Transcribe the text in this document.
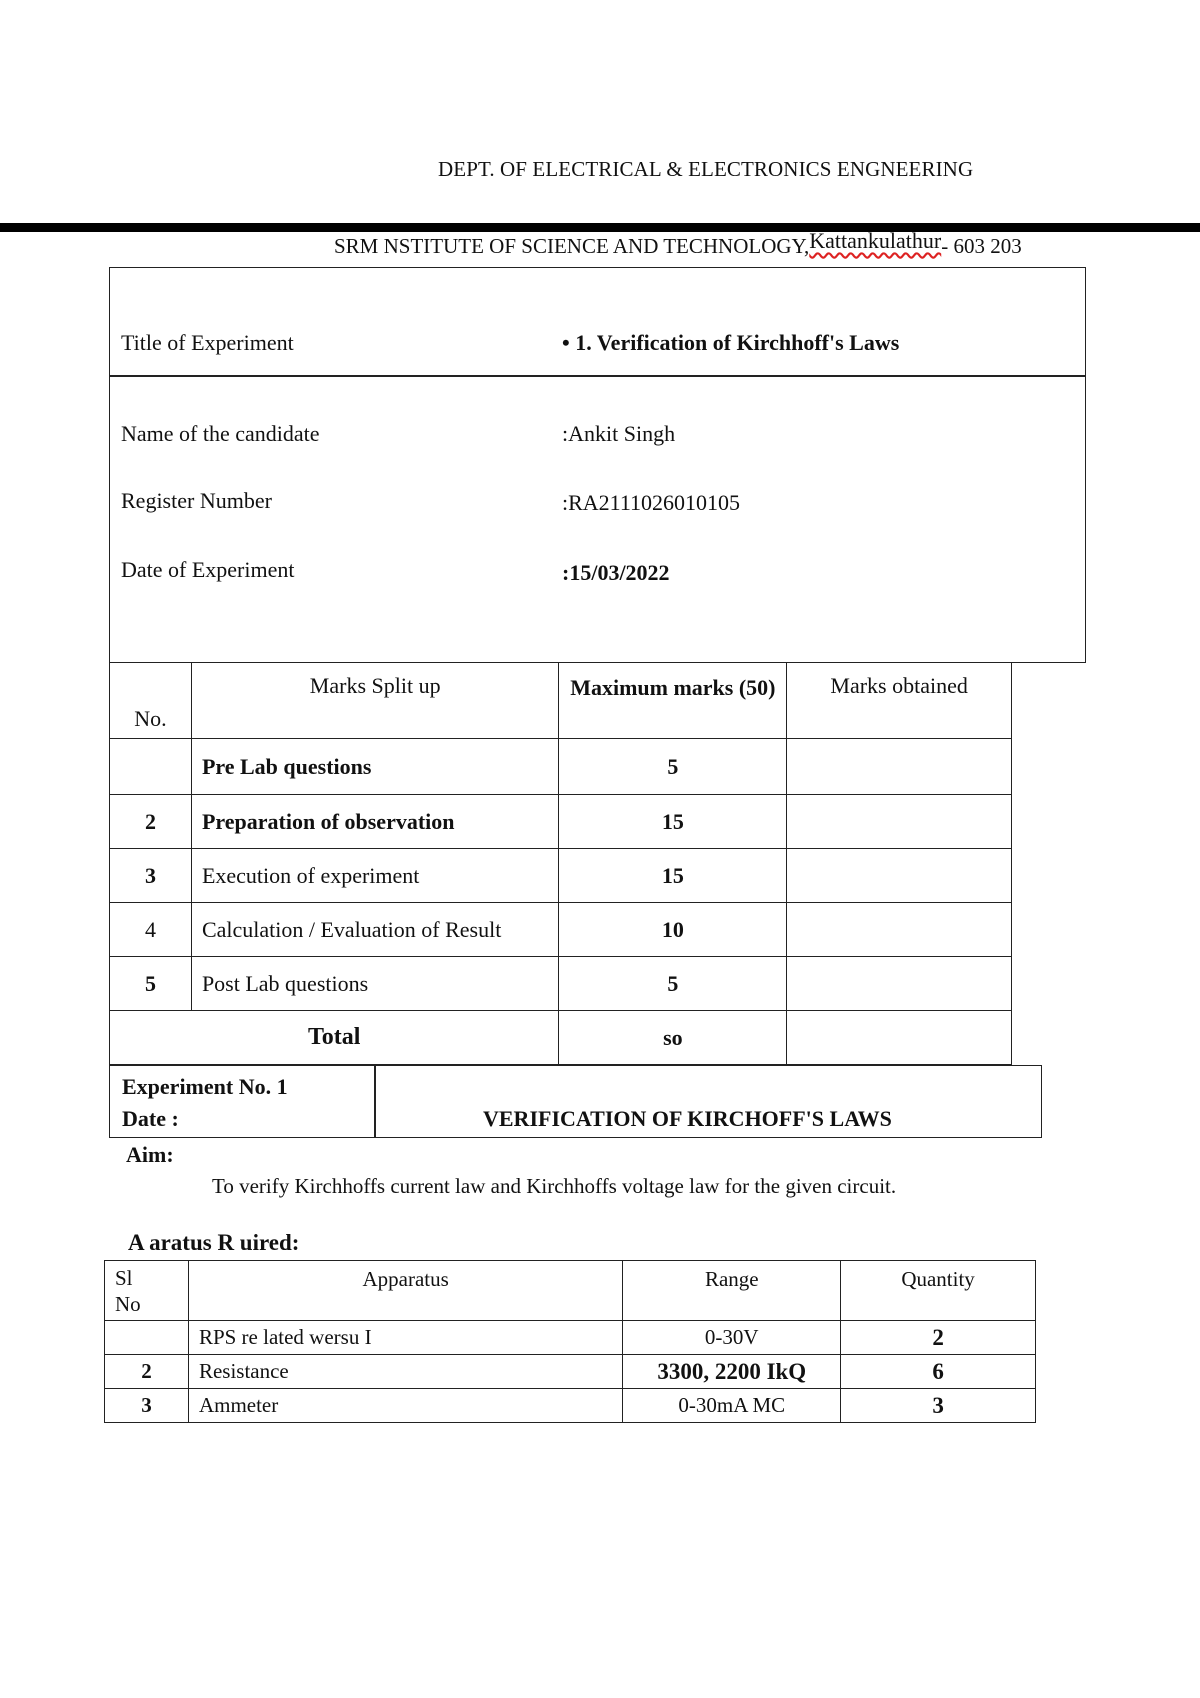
DEPT. OF ELECTRICAL & ELECTRONICS ENGNEERING
SRM NSTITUTE OF SCIENCE AND TECHNOLOGY,Kattankulathur- 603 203
Title of Experiment	• 1. Verification of Kirchhoff's Laws
Name of the candidate	:Ankit Singh
Register Number	:RA2111026010105
Date of Experiment	:15/03/2022
No.	Marks Split up	Maximum marks (50)	Marks obtained
	Pre Lab questions	5	
2	Preparation of observation	15	
3	Execution of experiment	15	
4	Calculation / Evaluation of Result	10	
5	Post Lab questions	5	
Total		so	
Experiment No. 1
Date :	VERIFICATION OF KIRCHOFF'S LAWS
Aim:
To verify Kirchhoffs current law and Kirchhoffs voltage law for the given circuit.
A aratus R uired:
Sl No	Apparatus	Range	Quantity
	RPS re lated wersu I	0-30V	2
2	Resistance	3300, 2200 IkQ	6
3	Ammeter	0-30mA MC	3
